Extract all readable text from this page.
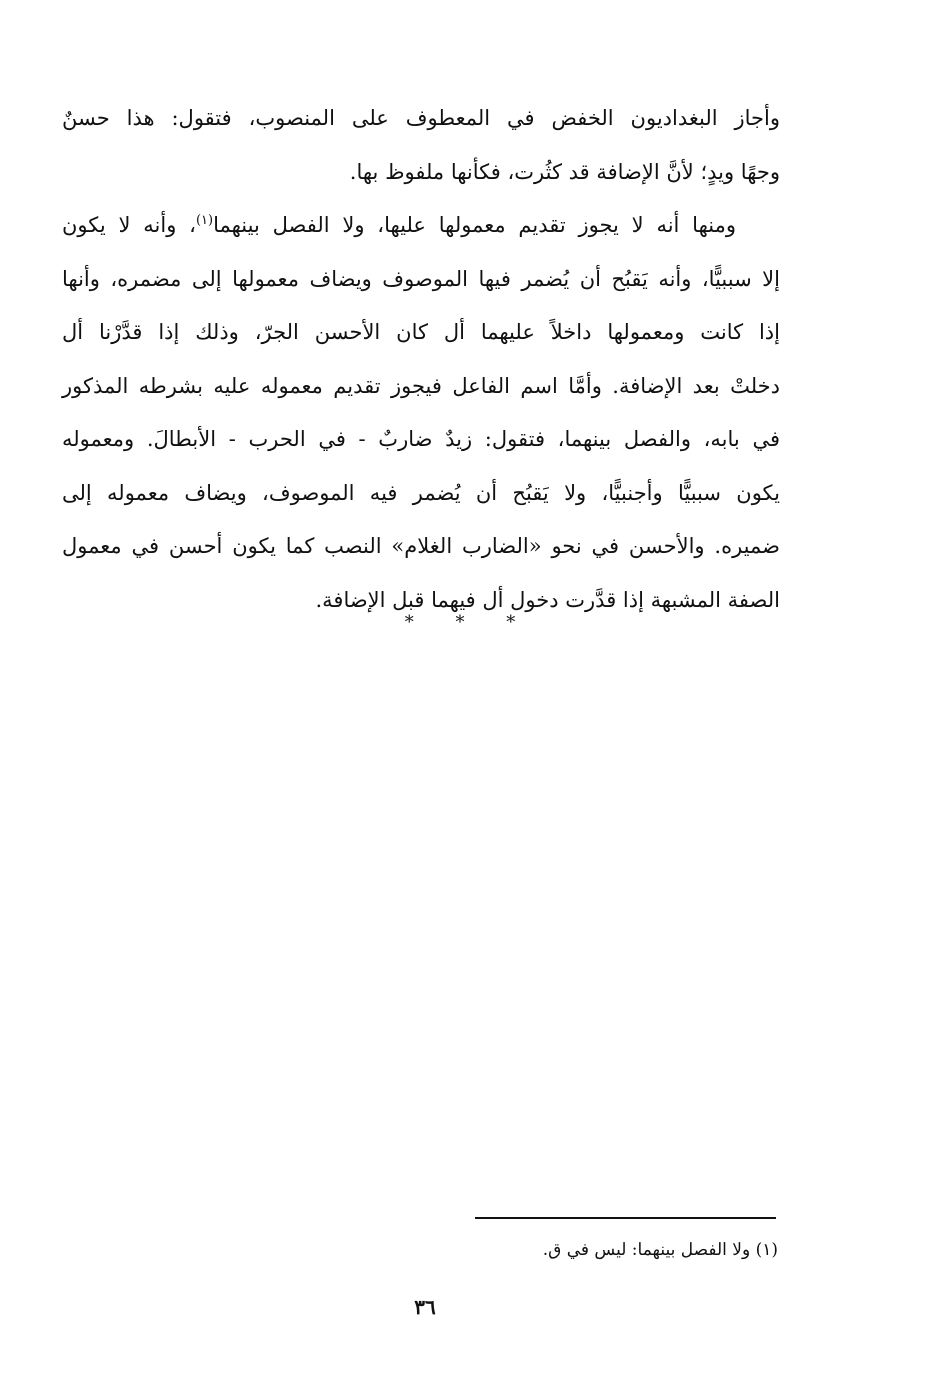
وأجاز البغداديون الخفض في المعطوف على المنصوب، فتقول: هذا حسنٌ
وجهًا ويدٍ؛ لأنَّ الإضافة قد كثُرت، فكأنها ملفوظ بها.
ومنها أنه لا يجوز تقديم معمولها عليها، ولا الفصل بينهما$^{(١)}$، وأنه لا يكون
إلا سببيًّا، وأنه يَقبُح أن يُضمر فيها الموصوف ويضاف معمولها إلى مضمره، وأنها
إذا كانت ومعمولها داخلاً عليهما أل كان الأحسن الجرّ، وذلك إذا قدَّرْنا أل
دخلتْ بعد الإضافة. وأمَّا اسم الفاعل فيجوز تقديم معموله عليه بشرطه المذكور
في بابه، والفصل بينهما، فتقول: زيدٌ ضاربٌ - في الحرب - الأبطالَ. ومعموله
يكون سببيًّا وأجنبيًّا، ولا يَقبُح أن يُضمر فيه الموصوف، ويضاف معموله إلى
ضميره. والأحسن في نحو «الضارب الغلام» النصب كما يكون أحسن في معمول
الصفة المشبهة إذا قدَّرت دخول أل فيهما قبل الإضافة.
* * *
(١) ولا الفصل بينهما: ليس في ق.
٣٦
